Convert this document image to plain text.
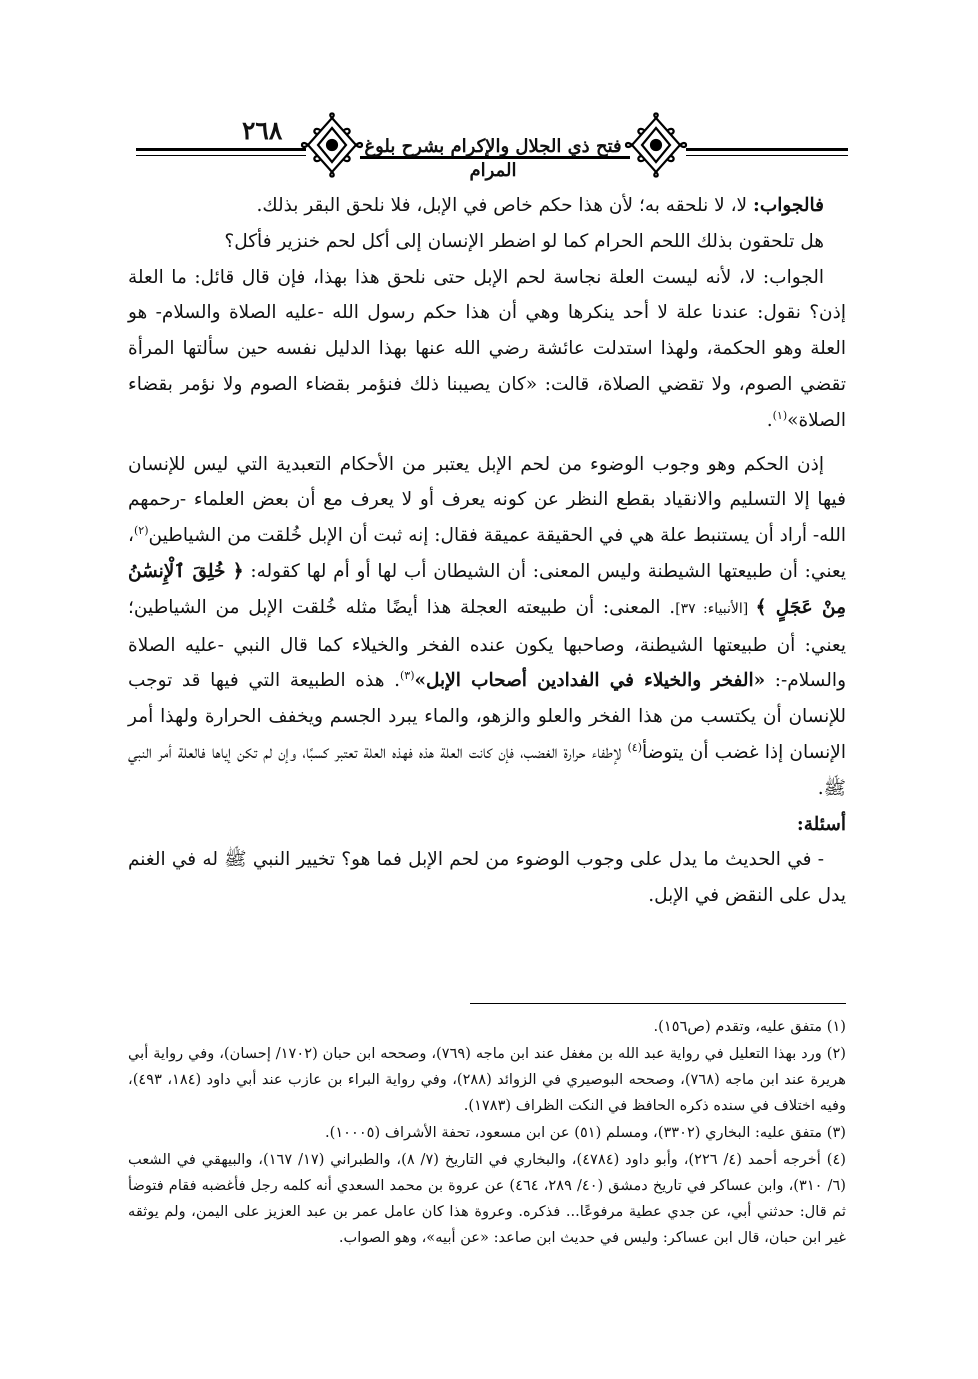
٢٦٨
فتح ذي الجلال والإكرام بشرح بلوغ المرام

فالجواب: لا، لا نلحقه به؛ لأن هذا حكم خاص في الإبل، فلا نلحق البقر بذلك.

هل تلحقون بذلك اللحم الحرام كما لو اضطر الإنسان إلى أكل لحم خنزير فأكل؟

الجواب: لا، لأنه ليست العلة نجاسة لحم الإبل حتى نلحق هذا بهذا، فإن قال قائل: ما العلة إذن؟ نقول: عندنا علة لا أحد ينكرها وهي أن هذا حكم رسول الله -عليه الصلاة والسلام- هو العلة وهو الحكمة، ولهذا استدلت عائشة رضي الله عنها بهذا الدليل نفسه حين سألتها المرأة تقضي الصوم، ولا تقضي الصلاة، قالت: «كان يصيبنا ذلك فنؤمر بقضاء الصوم ولا نؤمر بقضاء الصلاة»$^{(١)}$.

إذن الحكم وهو وجوب الوضوء من لحم الإبل يعتبر من الأحكام التعبدية التي ليس للإنسان فيها إلا التسليم والانقياد بقطع النظر عن كونه يعرف أو لا يعرف مع أن بعض العلماء -رحمهم الله- أراد أن يستنبط علة هي في الحقيقة عميقة فقال: إنه ثبت أن الإبل خُلقت من الشياطين$^{(٢)}$، يعني: أن طبيعتها الشيطنة وليس المعنى: أن الشيطان أب لها أو أم لها كقوله: ﴿ خُلِقَ ٱلْإِنسَٰنُ مِنْ عَجَلٍ ﴾ [الأنبياء: ٣٧]. المعنى: أن طبيعته العجلة هذا أيضًا مثله خُلقت الإبل من الشياطين؛ يعني: أن طبيعتها الشيطنة، وصاحبها يكون عنده الفخر والخيلاء كما قال النبي -عليه الصلاة والسلام-: «الفخر والخيلاء في الفدادين أصحاب الإبل»$^{(٣)}$. هذه الطبيعة التي فيها قد توجب للإنسان أن يكتسب من هذا الفخر والعلو والزهو، والماء يبرد الجسم ويخفف الحرارة ولهذا أمر الإنسان إذا غضب أن يتوضأ$^{(٤)}$ لإطفاء حرارة الغضب، فإن كانت العلة هذه فهذه العلة تعتبر كسبًا، وإن لم تكن إياها فالعلة أمر النبي ﷺ.

أسئلة:

- في الحديث ما يدل على وجوب الوضوء من لحم الإبل فما هو؟ تخيير النبي ﷺ له في الغنم يدل على النقض في الإبل.

(١) متفق عليه، وتقدم (ص١٥٦).

(٢) ورد بهذا التعليل في رواية عبد الله بن مغفل عند ابن ماجه (٧٦٩)، وصححه ابن حبان (١٧٠٢/ إحسان)، وفي رواية أبي هريرة عند ابن ماجه (٧٦٨)، وصححه البوصيري في الزوائد (٢٨٨)، وفي رواية البراء بن عازب عند أبي داود (١٨٤، ٤٩٣)، وفيه اختلاف في سنده ذكره الحافظ في النكت الظراف (١٧٨٣).

(٣) متفق عليه: البخاري (٣٣٠٢)، ومسلم (٥١) عن ابن مسعود، تحفة الأشراف (١٠٠٠٥).

(٤) أخرجه أحمد (٤/ ٢٢٦)، وأبو داود (٤٧٨٤)، والبخاري في التاريخ (٧/ ٨)، والطبراني (١٧/ ١٦٧)، والبيهقي في الشعب (٦/ ٣١٠)، وابن عساكر في تاريخ دمشق (٤٠/ ٢٨٩، ٤٦٤) عن عروة بن محمد السعدي أنه كلمه رجل فأغضبه فقام فتوضأ ثم قال: حدثني أبي، عن جدي عطية مرفوعًا... فذكره. وعروة هذا كان عامل عمر بن عبد العزيز على اليمن، ولم يوثقه غير ابن حبان، قال ابن عساكر: وليس في حديث ابن صاعد: «عن أبيه»، وهو الصواب.
